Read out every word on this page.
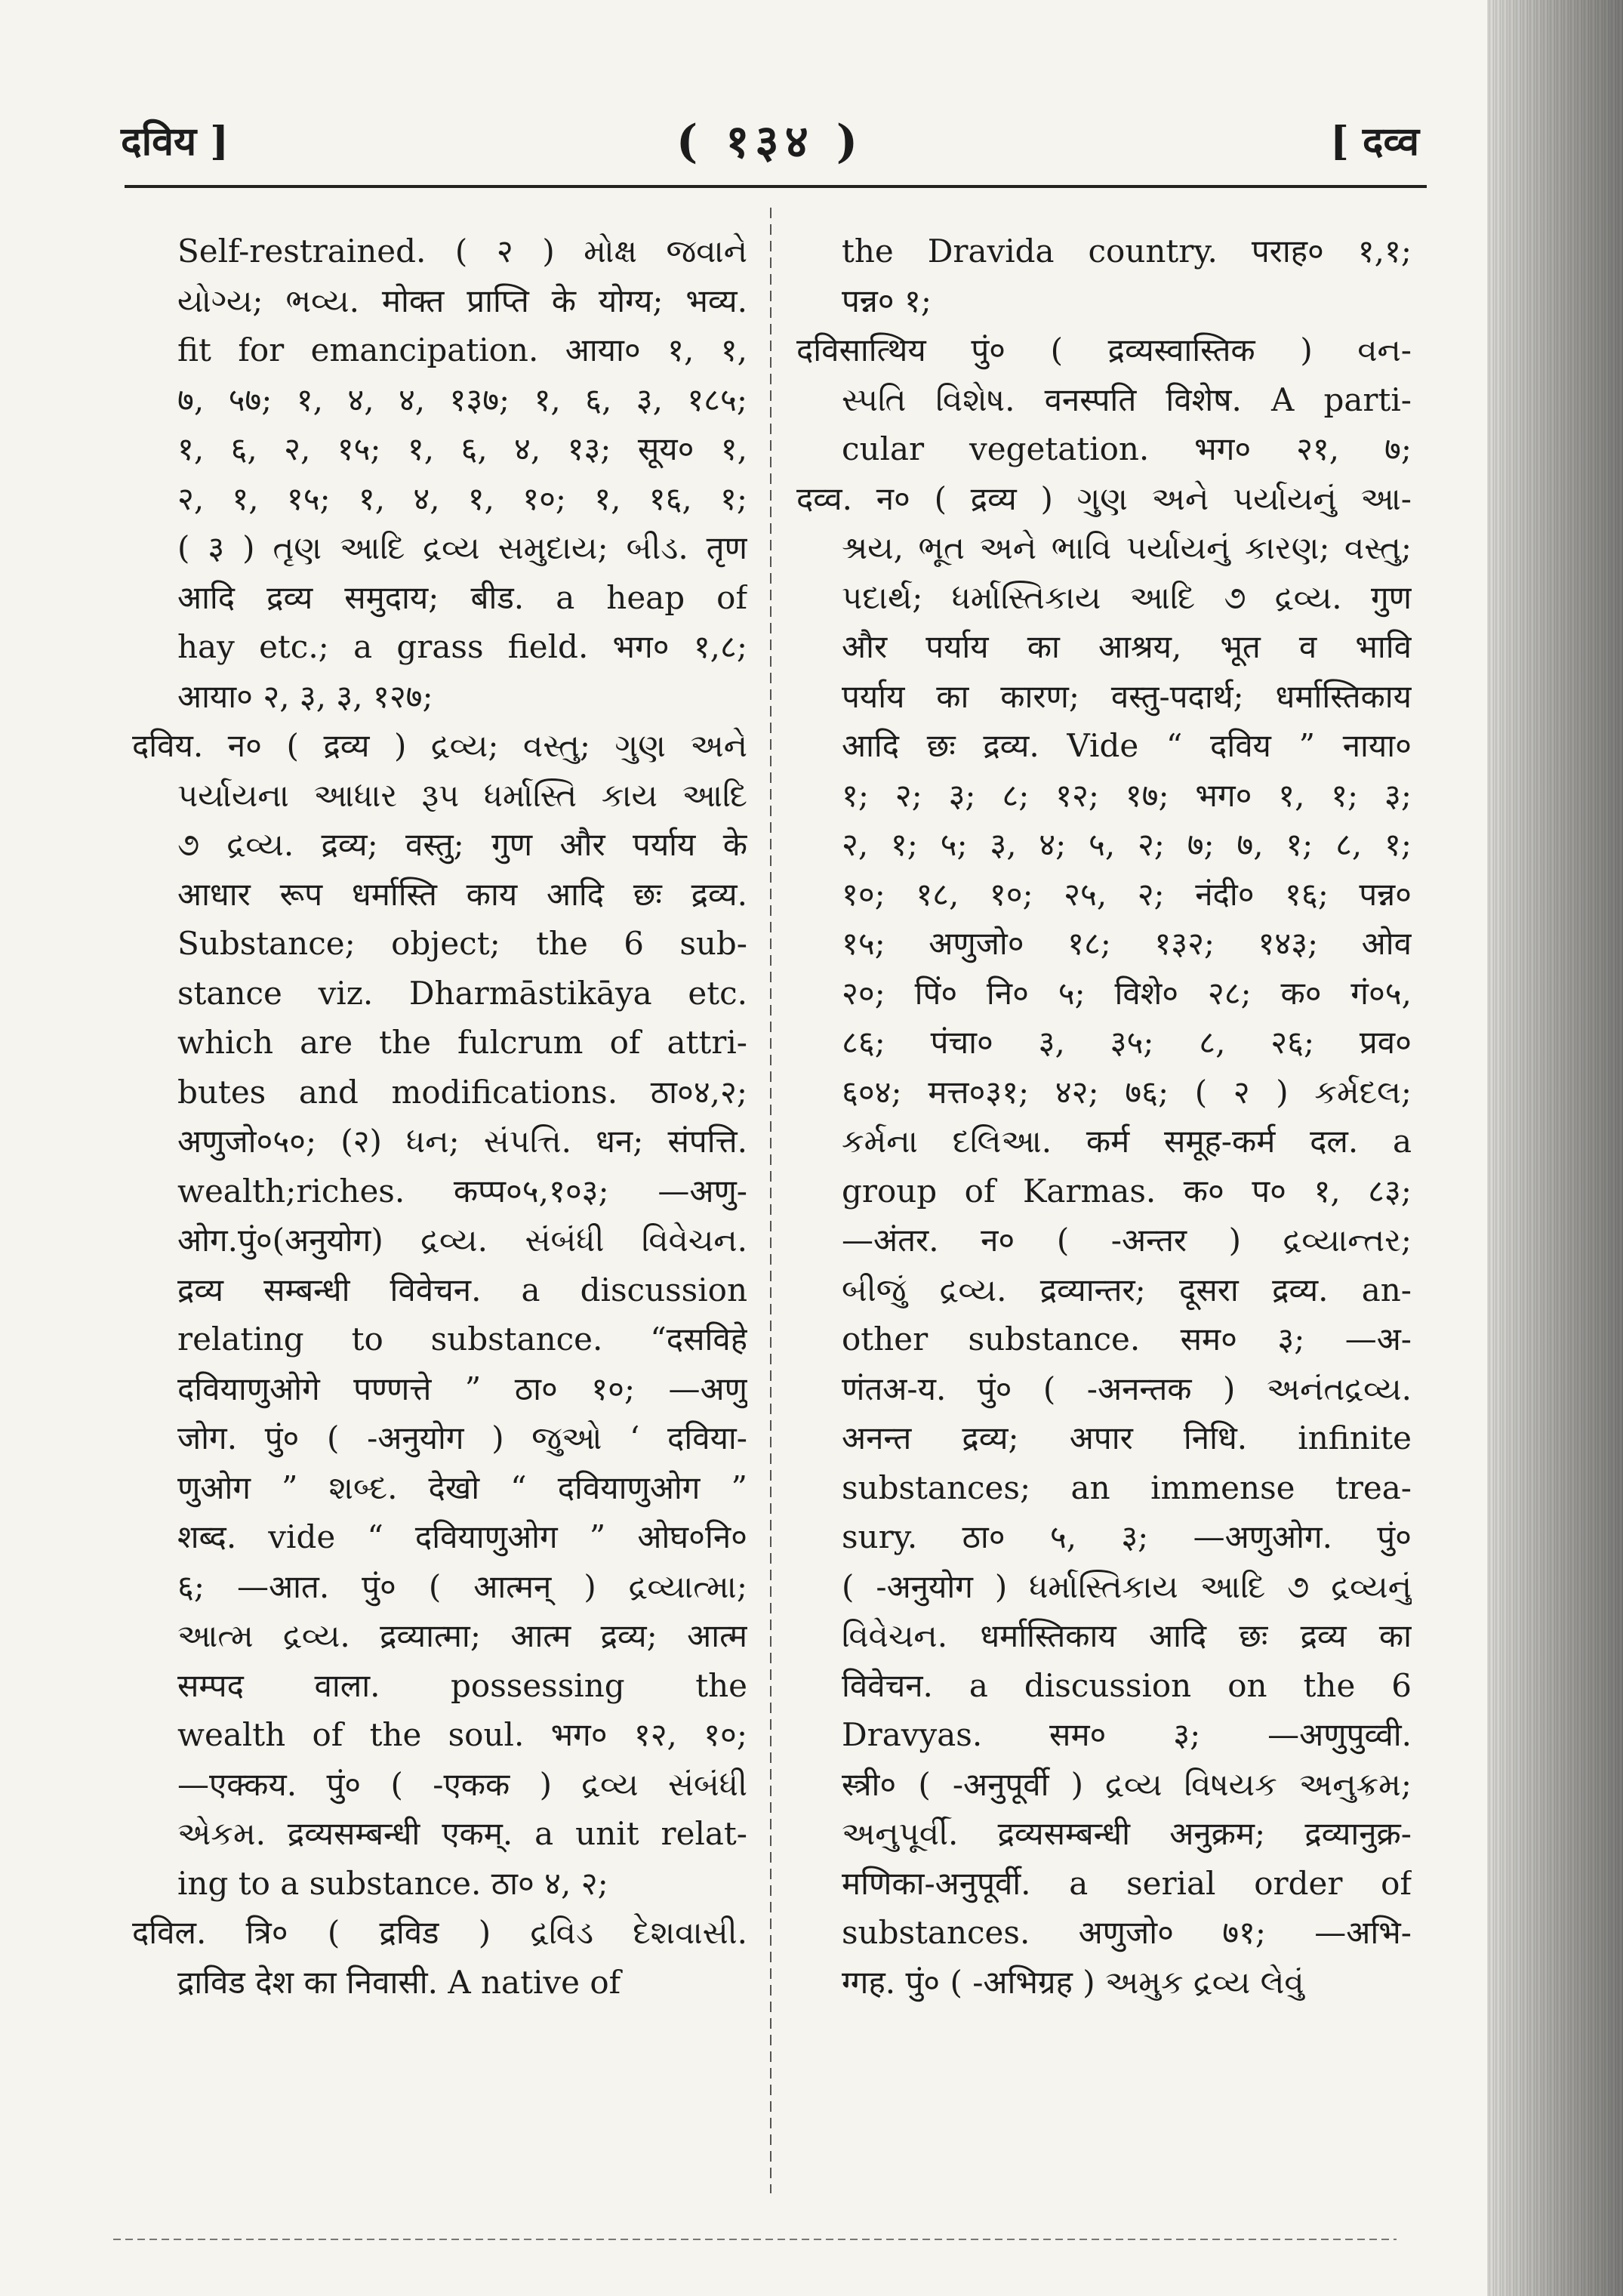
दविय ]	( १३४ )	[ दव्व
Self-restrained. ( २ ) મોક્ષ જવાને
યોગ્ય; ભવ્ય. मोक्त प्राप्ति के योग्य; भव्य.
fit for emancipation. आया० १, १,
७, ५७; १, ४, ४, १३७; १, ६, ३, १८५;
१, ६, २, १५; १, ६, ४, १३; सूय० १,
२, १, १५; १, ४, १, १०; १, १६, १;
( ३ ) તૃણ આદિ દ્રવ્ય સમુદાય; બીડ. तृण
आदि द्रव्य समुदाय; बीड. a heap of
hay etc.; a grass field. भग० १,८;
आया० २, ३, ३, १२७;
दविय. न० ( द्रव्य ) દ્રવ્ય; વસ્તુ; ગુણ અને
પર્યાયના આધાર રૂપ ધર્માસ્તિ કાય આદિ
૭ દ્રવ્ય. द्रव्य; वस्तु; गुण और पर्याय के
आधार रूप धर्मास्ति काय आदि छः द्रव्य.
Substance; object; the 6 sub-
stance viz. Dharmāstikāya etc.
which are the fulcrum of attri-
butes and modifications. ठा०४,२;
अणुजो०५०; (२) ધન; સંપત્તિ. धन; संपत्ति.
wealth;riches. कप्प०५,१०३; —अणु-
ओग.पुं०(अनुयोग) દ્રવ્ય. સંબંધી વિવેચન.
द्रव्य सम्बन्धी विवेचन. a discussion
relating to substance. “दसविहे
दवियाणुओगे पण्णत्ते ” ठा० १०; —अणु
जोग. पुं० ( -अनुयोग ) જુઓ ‘ दविया-
णुओग ” શબ્દ. देखो “ दवियाणुओग ”
शब्द. vide “ दवियाणुओग ” ओघ०नि०
६; —आत. पुं० ( आत्मन् ) દ્રવ્યાત્મા;
આત્મ દ્રવ્ય. द्रव्यात्मा; आत्म द्रव्य; आत्म
सम्पद वाला. possessing the
wealth of the soul. भग० १२, १०;
—एक्कय. पुं० ( -एकक ) દ્રવ્ય સંબંધી
એકમ. द्रव्यसम्बन्धी एकम्. a unit relat-
ing to a substance. ठा० ४, २;
दविल. त्रि० ( द्रविड ) દ્રવિડ દેશવાસી.
द्राविड देश का निवासी. A native of
the Dravida country. पराह० १,१;
पन्न० १;
दविसात्थिय पुं० ( द्रव्यस्वास्तिक ) વન-
સ્પતિ વિશેષ. वनस्पति विशेष. A parti-
cular vegetation. भग० २१, ७;
दव्व. न० ( द्रव्य ) ગુણ અને પર્યાયનું આ-
શ્રય, ભૂત અને ભાવિ પર્યાયનું કારણ; વસ્તુ;
પદાર્થ; ધર્માસ્તિકાય આદિ ૭ દ્રવ્ય. गुण
और पर्याय का आश्रय, भूत व भावि
पर्याय का कारण; वस्तु-पदार्थ; धर्मास्तिकाय
आदि छः द्रव्य. Vide “ दविय ” नाया०
१; २; ३; ८; १२; १७; भग० १, १; ३;
२, १; ५; ३, ४; ५, २; ७; ७, १; ८, १;
१०; १८, १०; २५, २; नंदी० १६; पन्न०
१५; अणुजो० १८; १३२; १४३; ओव
२०; पिं० नि० ५; विशे० २८; क० गं०५,
८६; पंचा० ३, ३५; ८, २६; प्रव०
६०४; मत्त०३१; ४२; ७६; ( २ ) કર્મદલ;
કર્મના દલિઆ. कर्म समूह-कर्म दल. a
group of Karmas. क० प० १, ८३;
—अंतर. न० ( -अन्तर ) દ્રવ્યાન્તર;
બીજું દ્રવ્ય. द्रव्यान्तर; दूसरा द्रव्य. an-
other substance. सम० ३; —अ-
णंतअ-य. पुं० ( -अनन्तक ) અનંતદ્રવ્ય.
अनन्त द्रव्य; अपार निधि. infinite
substances; an immense trea-
sury. ठा० ५, ३; —अणुओग. पुं०
( -अनुयोग ) ધર્માસ્તિકાય આદિ ૭ દ્રવ્યનું
વિવેચન. धर्मास्तिकाय आदि छः द्रव्य का
विवेचन. a discussion on the 6
Dravyas. सम० ३; —अणुपुव्वी.
स्त्री० ( -अनुपूर्वी ) દ્રવ્ય વિષયક અનુક્રમ;
અનુપૂર્વી. द्रव्यसम्बन्धी अनुक्रम; द्रव्यानुक्र-
मणिका-अनुपूर्वी. a serial order of
substances. अणुजो० ७१; —अभि-
ग्गह. पुं० ( -अभिग्रह ) અમુક દ્રવ્ય લેવું
